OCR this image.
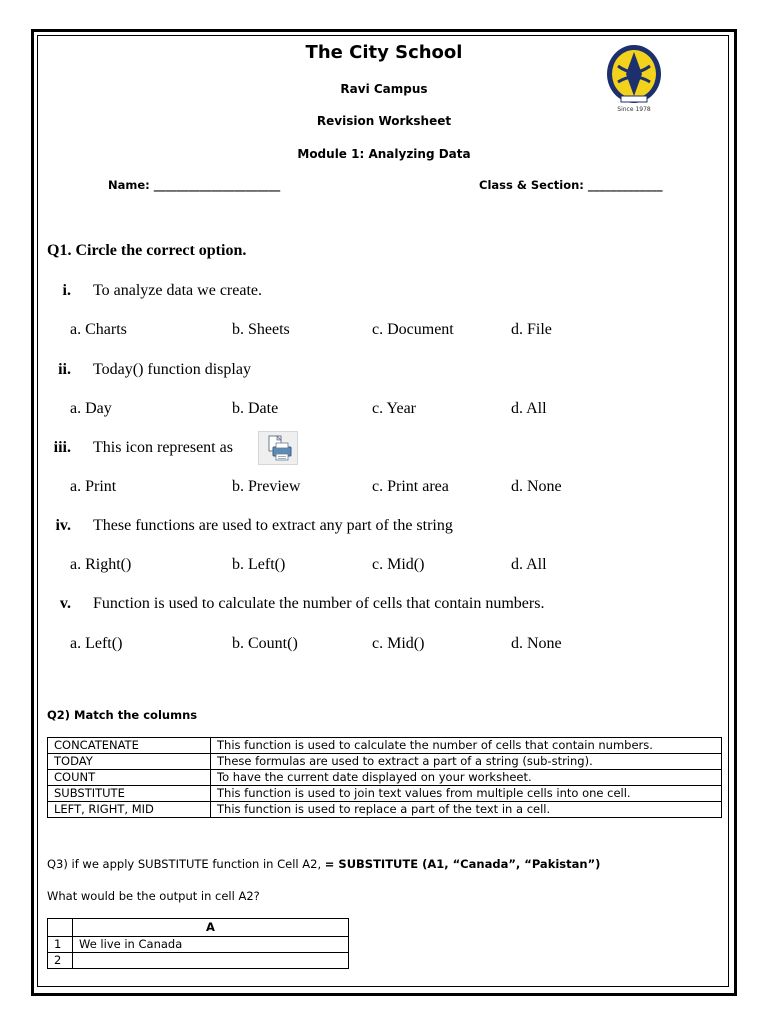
The City School
Ravi Campus
Revision Worksheet
Module 1: Analyzing Data
Since 1978
Name: ______________________	Class & Section: _____________
Q1. Circle the correct option.
i. To analyze data we create.
a. Charts	b. Sheets	c. Document	d. File
ii. Today() function display
a. Day	b. Date	c. Year	d. All
iii. This icon represent as
a. Print	b. Preview	c. Print area	d. None
iv. These functions are used to extract any part of the string
a. Right()	b. Left()	c. Mid()	d. All
v. Function is used to calculate the number of cells that contain numbers.
a. Left()	b. Count()	c. Mid()	d. None
Q2) Match the columns
CONCATENATE	This function is used to calculate the number of cells that contain numbers.
TODAY	These formulas are used to extract a part of a string (sub-string).
COUNT	To have the current date displayed on your worksheet.
SUBSTITUTE	This function is used to join text values from multiple cells into one cell.
LEFT, RIGHT, MID	This function is used to replace a part of the text in a cell.
Q3) if we apply SUBSTITUTE function in Cell A2, = SUBSTITUTE (A1, “Canada”, “Pakistan”)
What would be the output in cell A2?
	A
1	We live in Canada
2	
